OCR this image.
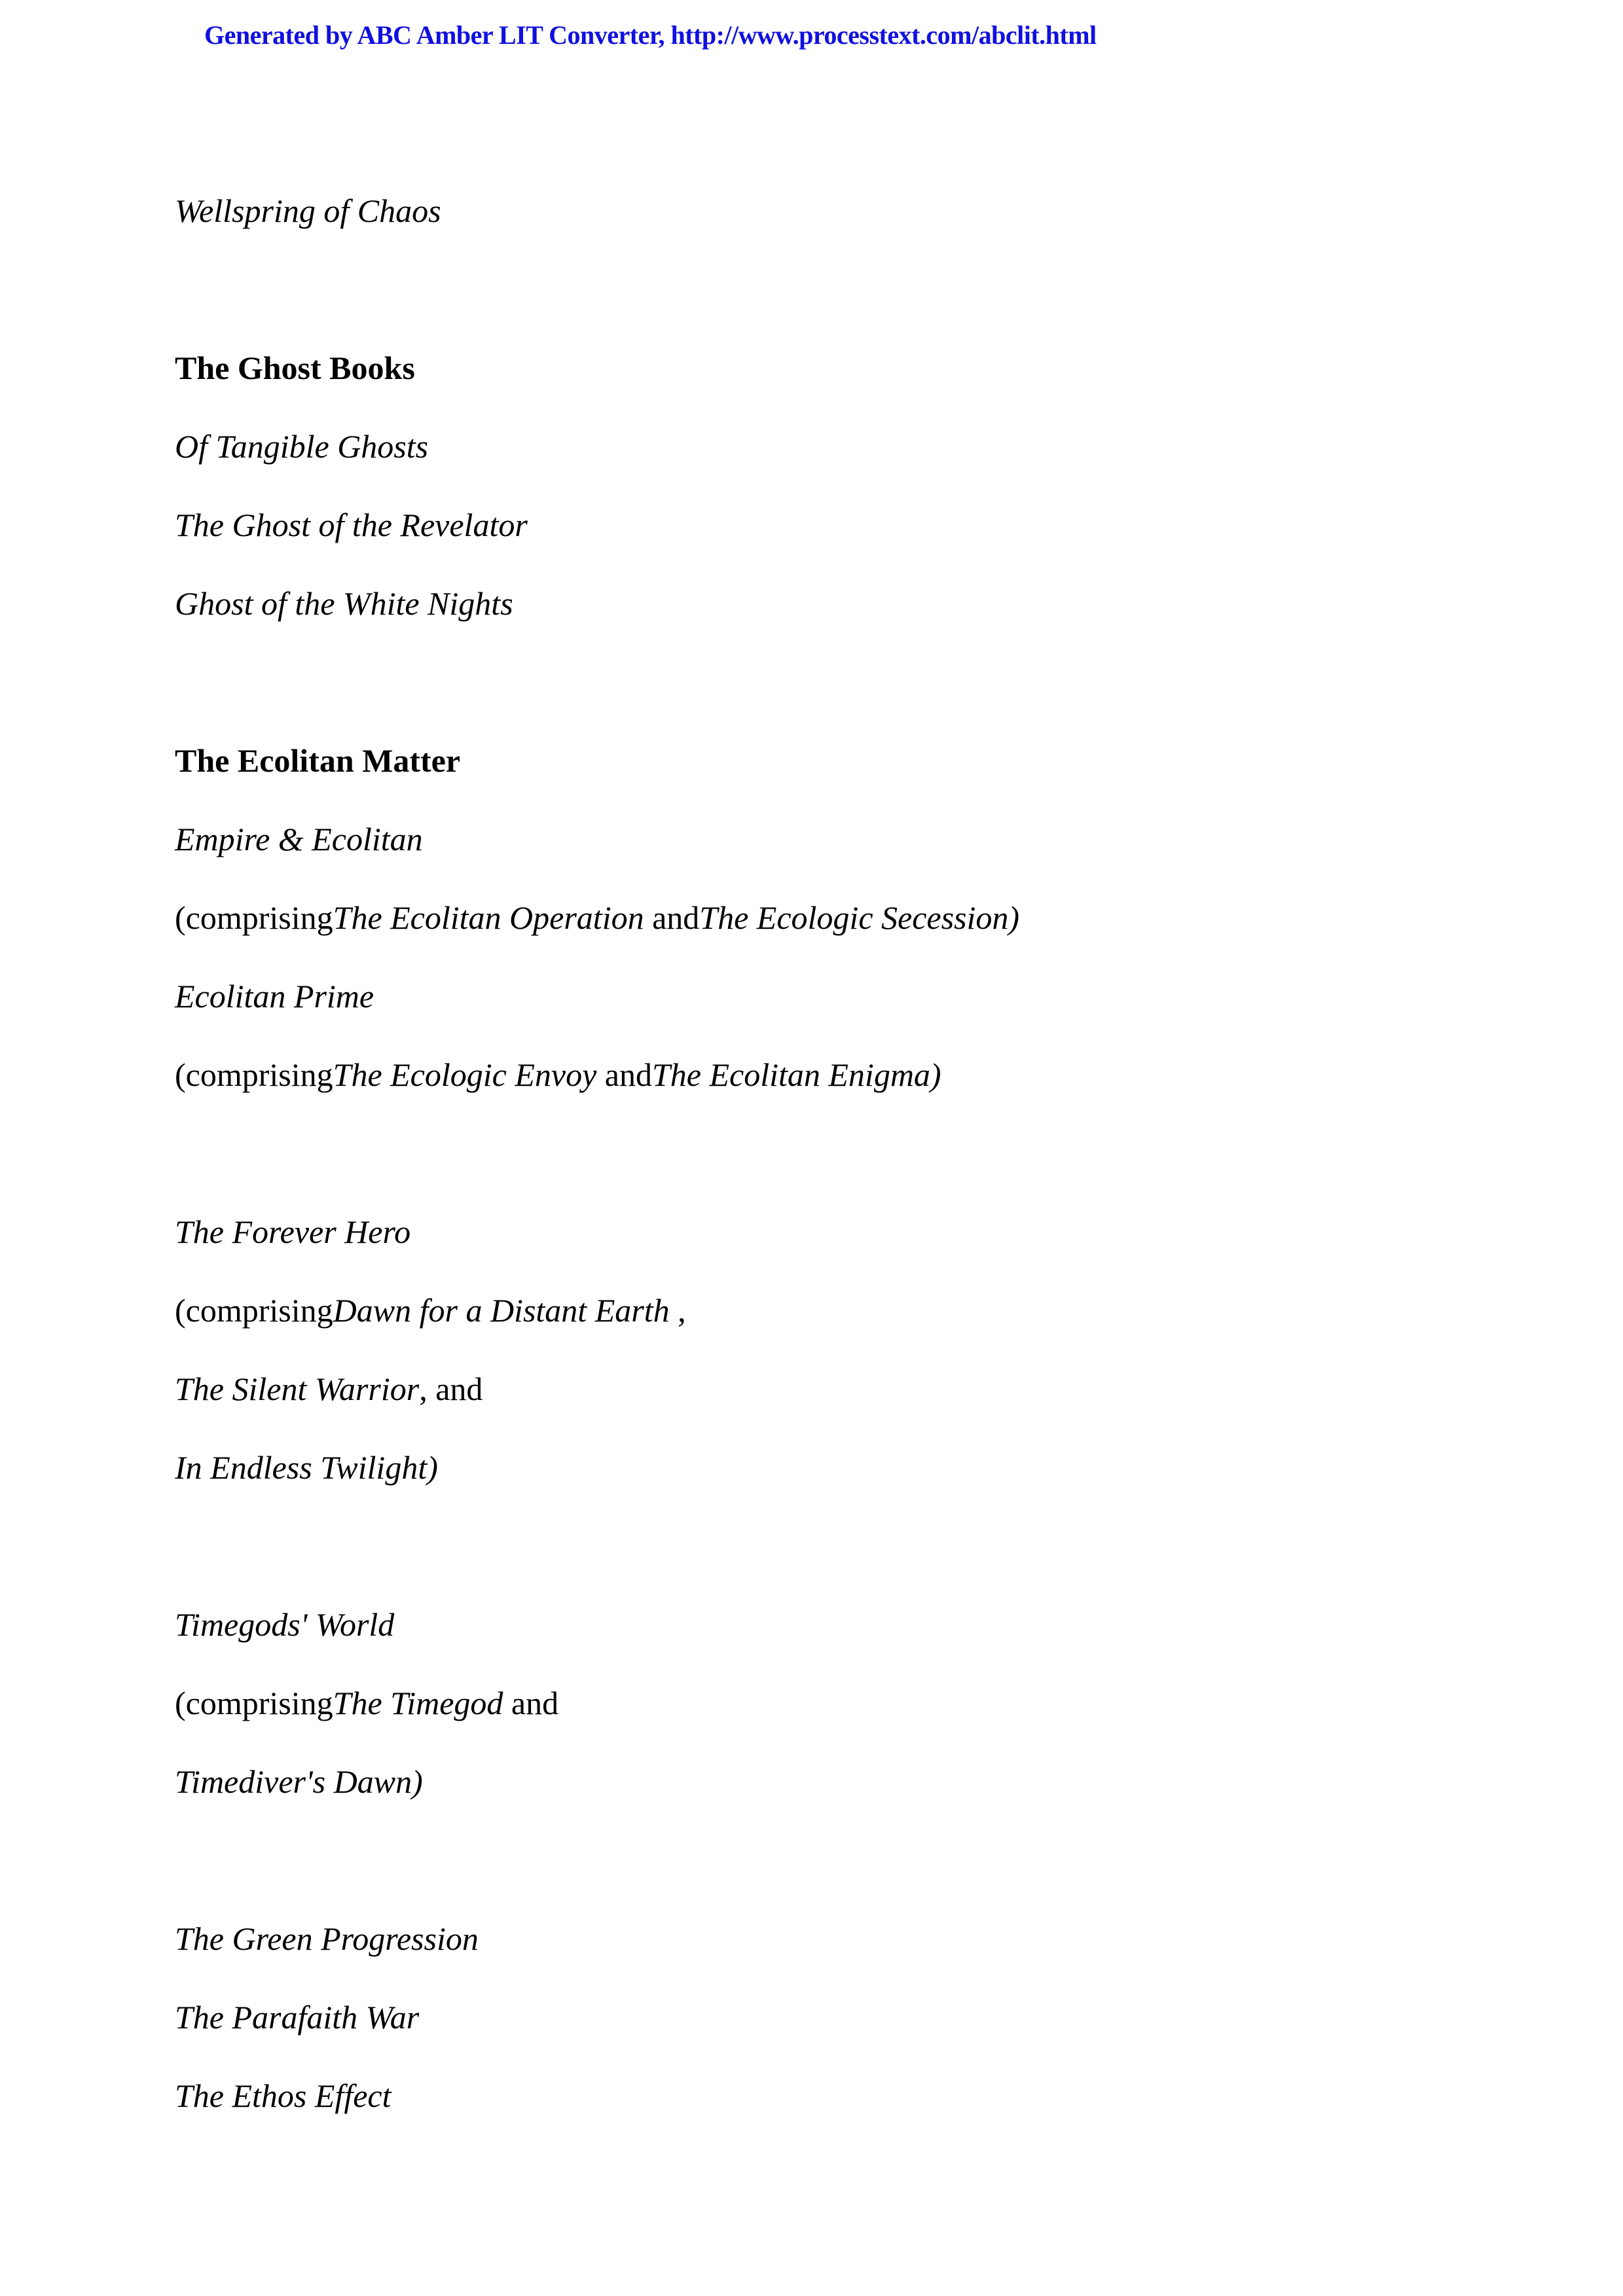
Generated by ABC Amber LIT Converter, http://www.processtext.com/abclit.html
Wellspring of Chaos
The Ghost Books
Of Tangible Ghosts
The Ghost of the Revelator
Ghost of the White Nights
The Ecolitan Matter
Empire & Ecolitan
(comprisingThe Ecolitan Operation andThe Ecologic Secession)
Ecolitan Prime
(comprisingThe Ecologic Envoy andThe Ecolitan Enigma)
The Forever Hero
(comprisingDawn for a Distant Earth ,
The Silent Warrior, and
In Endless Twilight)
Timegods' World
(comprisingThe Timegod and
Timediver's Dawn)
The Green Progression
The Parafaith War
The Ethos Effect
